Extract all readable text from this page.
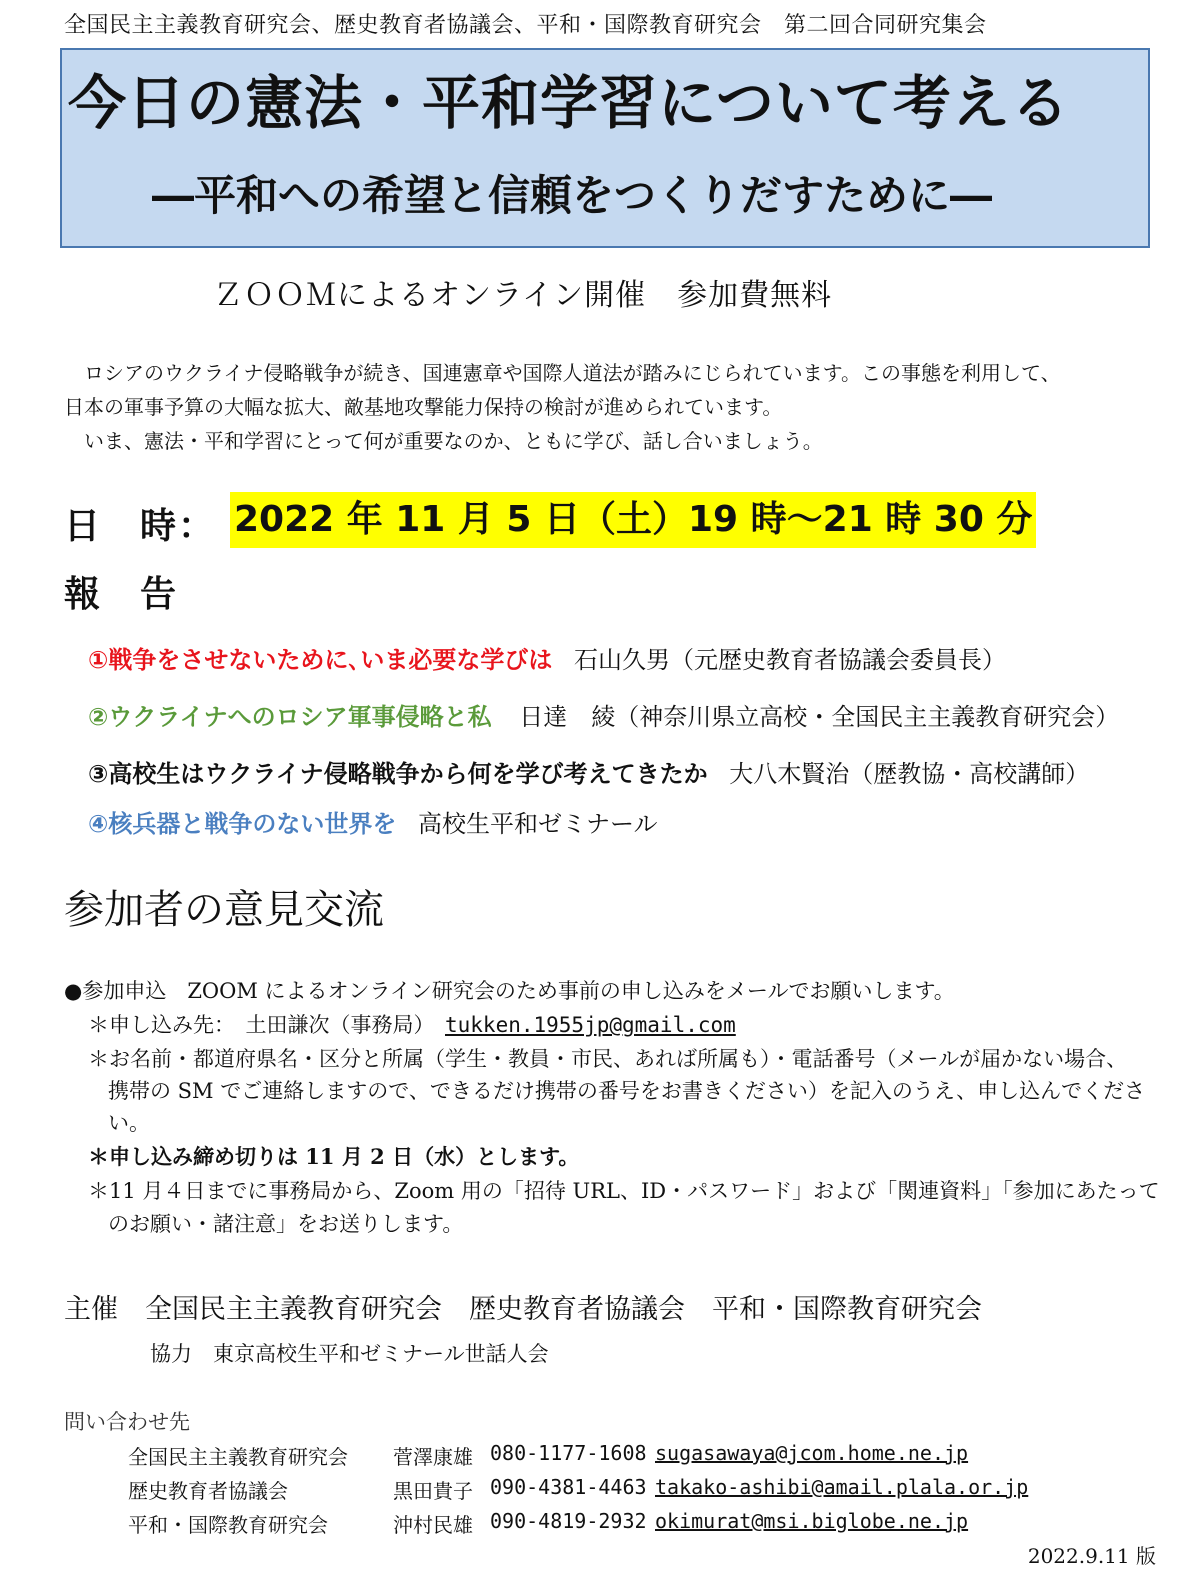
全国民主主義教育研究会、歴史教育者協議会、平和・国際教育研究会　第二回合同研究集会
今日の憲法・平和学習について考える
―平和への希望と信頼をつくりだすために―
ＺＯＯＭによるオンライン開催　参加費無料
　ロシアのウクライナ侵略戦争が続き、国連憲章や国際人道法が踏みにじられています。この事態を利用して、
日本の軍事予算の大幅な拡大、敵基地攻撃能力保持の検討が進められています。
　いま、憲法・平和学習にとって何が重要なのか、ともに学び、話し合いましょう。
日　時： 2022 年 11 月 5 日（土）19 時～21 時 30 分
報　告
①戦争をさせないために､いま必要な学びは 石山久男（元歴史教育者協議会委員長）
②ウクライナへのロシア軍事侵略と私 日達　綾（神奈川県立高校・全国民主主義教育研究会）
③高校生はウクライナ侵略戦争から何を学び考えてきたか 大八木賢治（歴教協・高校講師）
④核兵器と戦争のない世界を 高校生平和ゼミナール
参加者の意見交流
●参加申込　ZOOM によるオンライン研究会のため事前の申し込みをメールでお願いします。
＊申し込み先：　土田謙次（事務局）　tukken.1955jp@gmail.com
＊お名前・都道府県名・区分と所属（学生・教員・市民、あれば所属も）・電話番号（メールが届かない場合、
携帯の SM でご連絡しますので、できるだけ携帯の番号をお書きください）を記入のうえ、申し込んでくださ
い。
＊申し込み締め切りは 11 月 2 日（水）とします。
＊11 月４日までに事務局から、Zoom 用の「招待 URL、ID・パスワード」および「関連資料」「参加にあたって
のお願い・諸注意」をお送りします。
主催　全国民主主義教育研究会　歴史教育者協議会　平和・国際教育研究会
協力　東京高校生平和ゼミナール世話人会
問い合わせ先
全国民主主義教育研究会 菅澤康雄 080-1177-1608 sugasawaya@jcom.home.ne.jp
歴史教育者協議会	黒田貴子 090-4381-4463 takako-ashibi@amail.plala.or.jp
平和・国際教育研究会	沖村民雄 090-4819-2932 okimurat@msi.biglobe.ne.jp
2022.9.11 版
